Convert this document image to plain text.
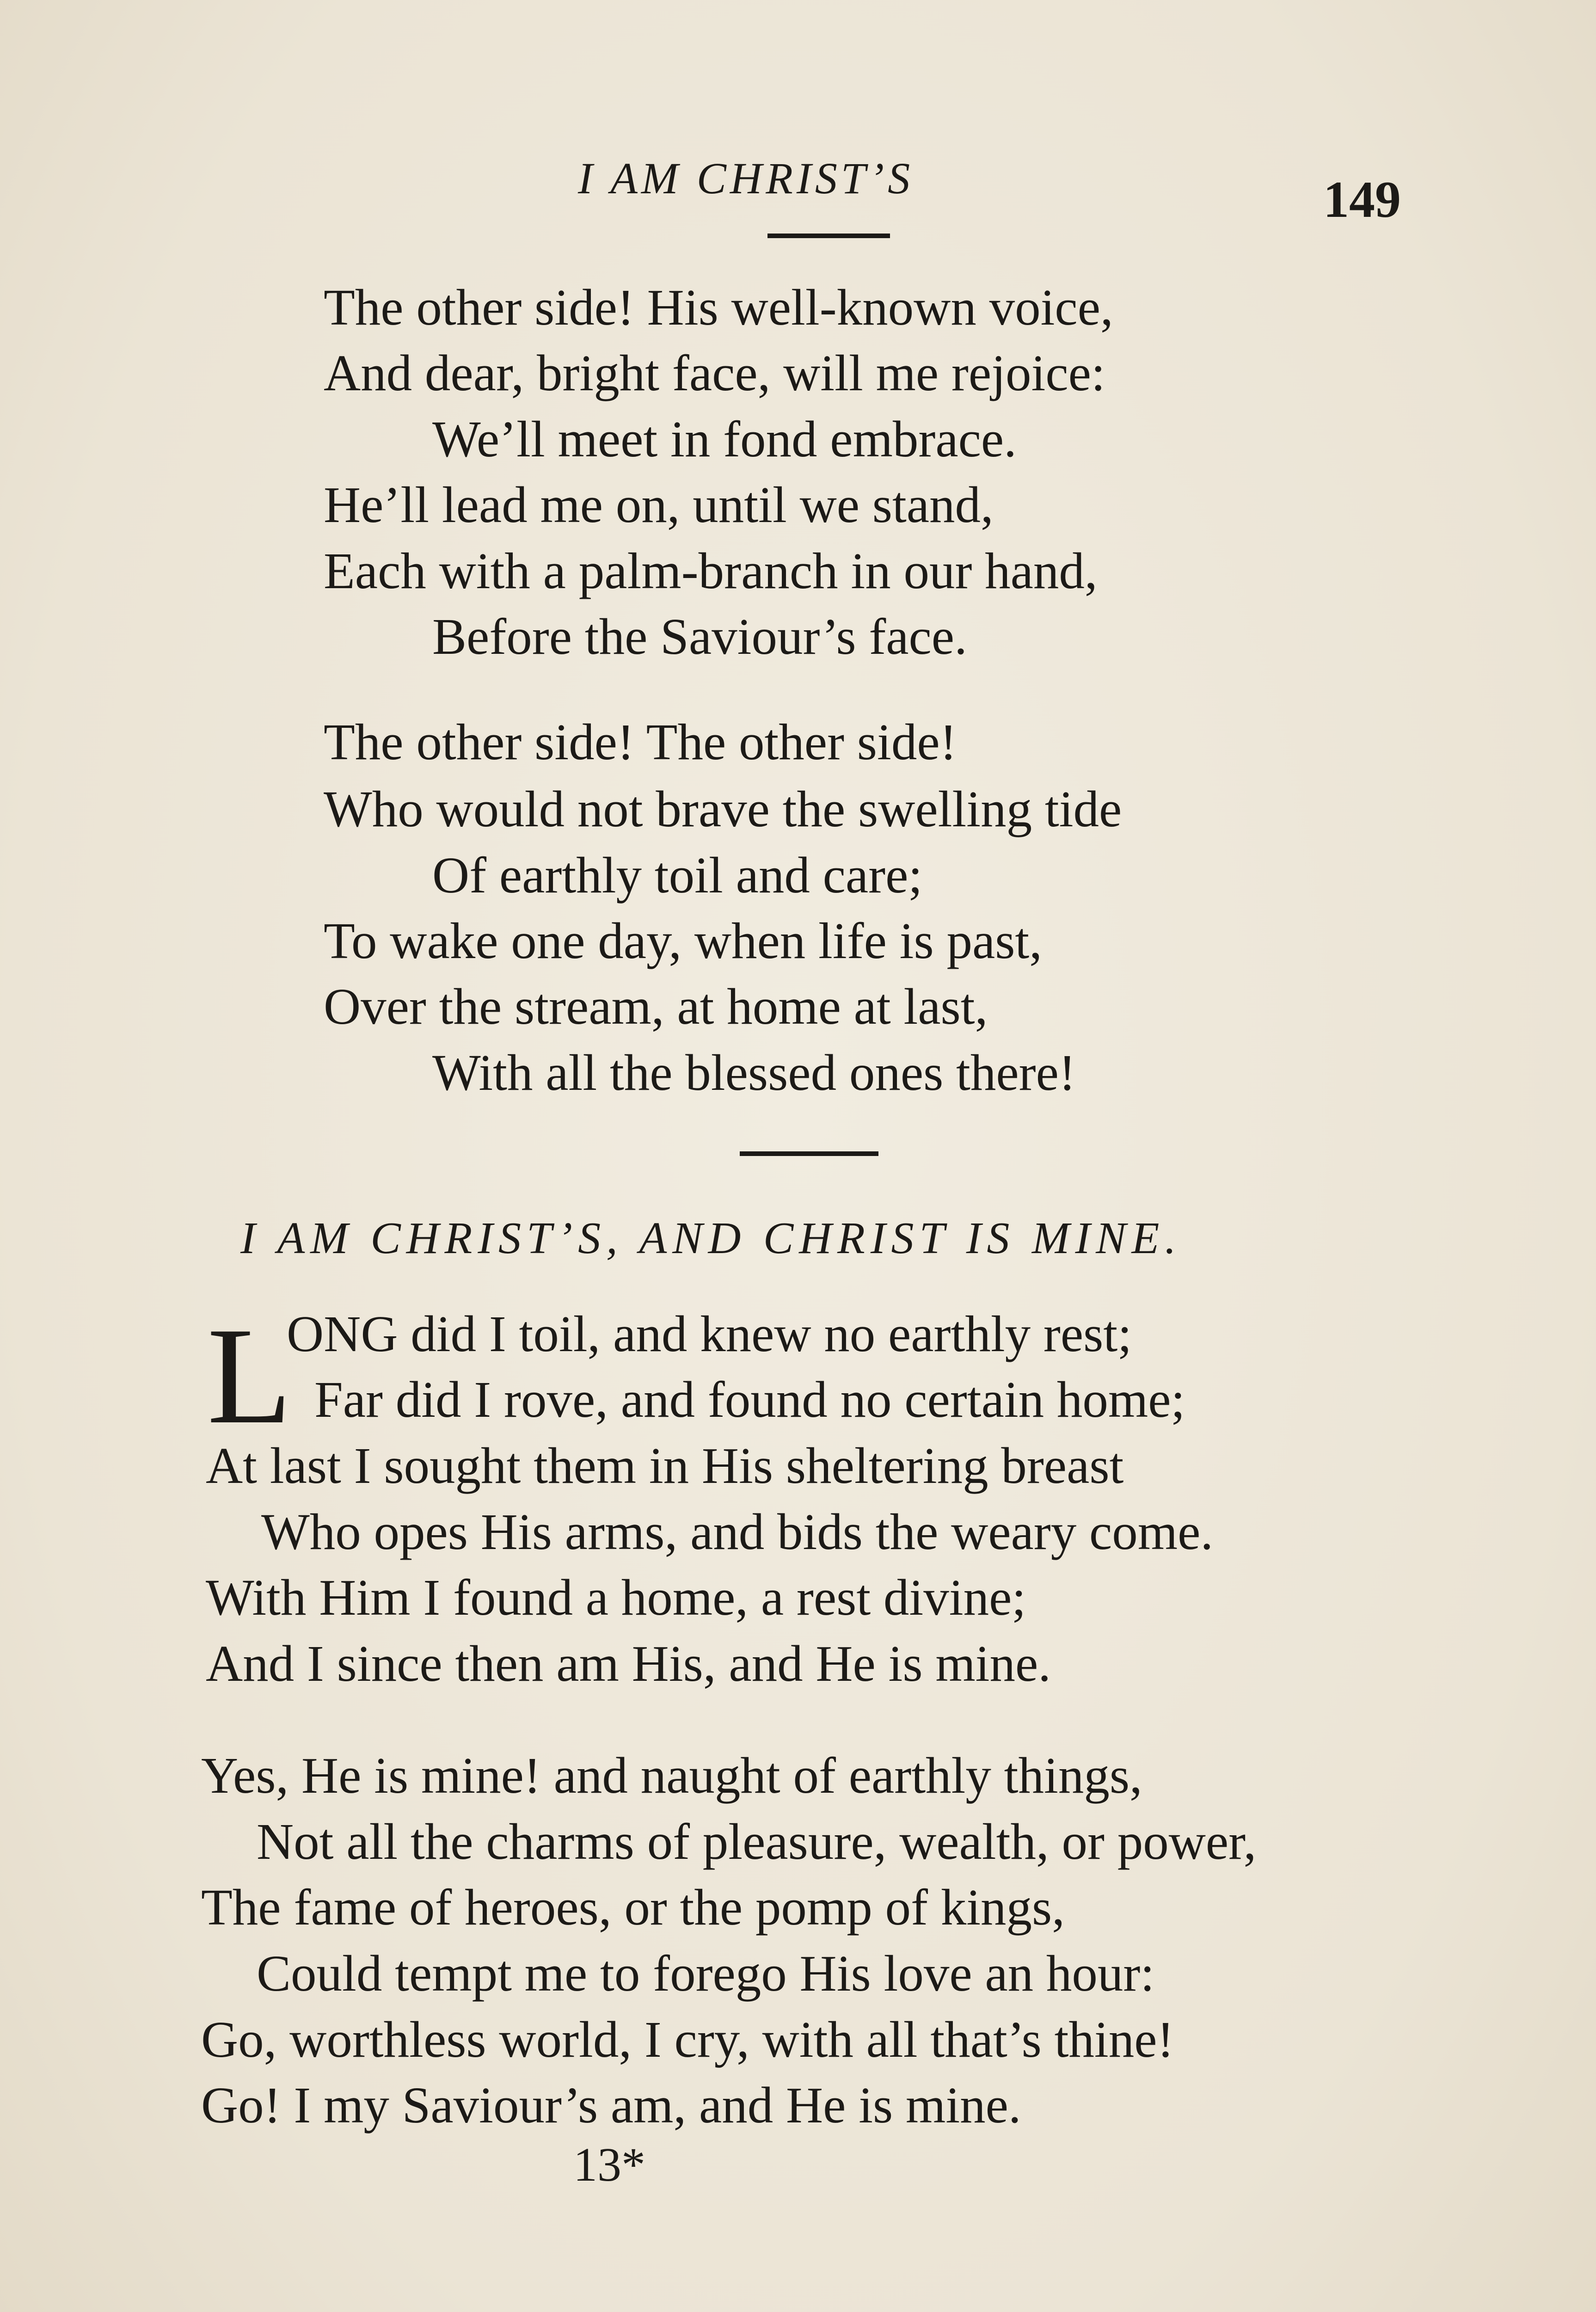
I AM CHRIST’S	149
The other side! His well-known voice,
And dear, bright face, will me rejoice:
We’ll meet in fond embrace.
He’ll lead me on, until we stand,
Each with a palm-branch in our hand,
Before the Saviour’s face.
The other side! The other side!
Who would not brave the swelling tide
Of earthly toil and care;
To wake one day, when life is past,
Over the stream, at home at last,
With all the blessed ones there!
I AM CHRIST’S, AND CHRIST IS MINE.
L
ONG did I toil, and knew no earthly rest;
Far did I rove, and found no certain home;
At last I sought them in His sheltering breast
Who opes His arms, and bids the weary come.
With Him I found a home, a rest divine;
And I since then am His, and He is mine.
Yes, He is mine! and naught of earthly things,
Not all the charms of pleasure, wealth, or power,
The fame of heroes, or the pomp of kings,
Could tempt me to forego His love an hour:
Go, worthless world, I cry, with all that’s thine!
Go! I my Saviour’s am, and He is mine.
13*
